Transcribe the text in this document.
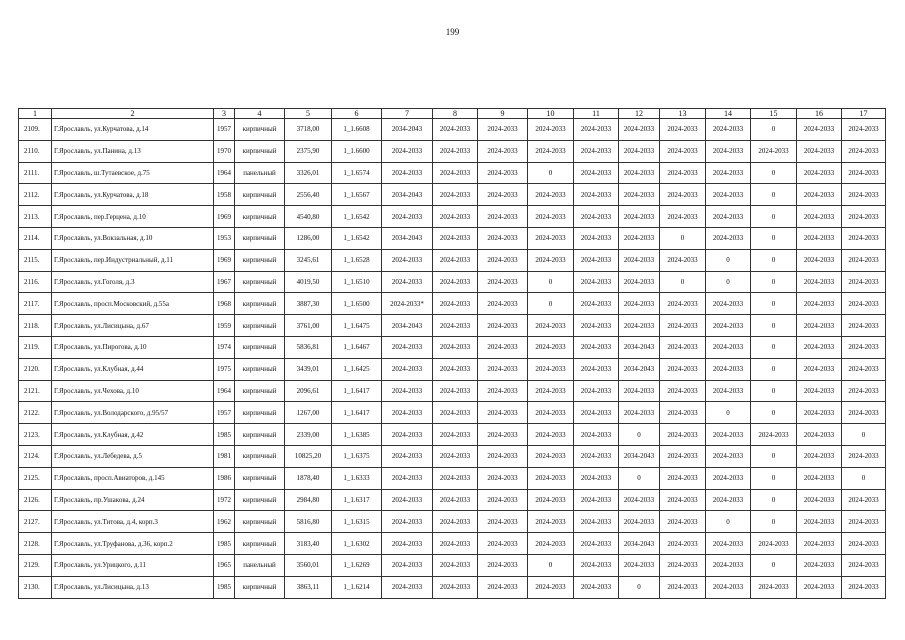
199
1	2	3	4	5	6	7	8	9	10	11	12	13	14	15	16	17
2109.	Г.Ярославль, ул.Курчатова, д.14	1957	кирпичный	3718,00	1_1.6608	2034-2043	2024-2033	2024-2033	2024-2033	2024-2033	2024-2033	2024-2033	2024-2033	0	2024-2033	2024-2033
2110.	Г.Ярославль, ул.Панина, д.13	1970	кирпичный	2375,90	1_1.6600	2024-2033	2024-2033	2024-2033	2024-2033	2024-2033	2024-2033	2024-2033	2024-2033	2024-2033	2024-2033	2024-2033
2111.	Г.Ярославль, ш.Тутаевское, д.75	1964	панельный	3326,01	1_1.6574	2024-2033	2024-2033	2024-2033	0	2024-2033	2024-2033	2024-2033	2024-2033	0	2024-2033	2024-2033
2112.	Г.Ярославль, ул.Курчатова, д.18	1958	кирпичный	2556,40	1_1.6567	2034-2043	2024-2033	2024-2033	2024-2033	2024-2033	2024-2033	2024-2033	2024-2033	0	2024-2033	2024-2033
2113.	Г.Ярославль, пер.Герцена, д.10	1969	кирпичный	4540,80	1_1.6542	2024-2033	2024-2033	2024-2033	2024-2033	2024-2033	2024-2033	2024-2033	2024-2033	0	2024-2033	2024-2033
2114.	Г.Ярославль, ул.Вокзальная, д.10	1953	кирпичный	1286,00	1_1.6542	2034-2043	2024-2033	2024-2033	2024-2033	2024-2033	2024-2033	0	2024-2033	0	2024-2033	2024-2033
2115.	Г.Ярославль, пер.Индустриальный, д.11	1969	кирпичный	3245,61	1_1.6528	2024-2033	2024-2033	2024-2033	2024-2033	2024-2033	2024-2033	2024-2033	0	0	2024-2033	2024-2033
2116.	Г.Ярославль, ул.Гоголя, д.3	1967	кирпичный	4019,50	1_1.6510	2024-2033	2024-2033	2024-2033	0	2024-2033	2024-2033	0	0	0	2024-2033	2024-2033
2117.	Г.Ярославль, просп.Московский, д.55а	1968	кирпичный	3887,30	1_1.6500	2024-2033*	2024-2033	2024-2033	0	2024-2033	2024-2033	2024-2033	2024-2033	0	2024-2033	2024-2033
2118.	Г.Ярославль, ул.Лисицына, д.67	1959	кирпичный	3761,00	1_1.6475	2034-2043	2024-2033	2024-2033	2024-2033	2024-2033	2024-2033	2024-2033	2024-2033	0	2024-2033	2024-2033
2119.	Г.Ярославль, ул.Пирогова, д.10	1974	кирпичный	5836,81	1_1.6467	2024-2033	2024-2033	2024-2033	2024-2033	2024-2033	2034-2043	2024-2033	2024-2033	0	2024-2033	2024-2033
2120.	Г.Ярославль, ул.Клубная, д.44	1975	кирпичный	3439,01	1_1.6425	2024-2033	2024-2033	2024-2033	2024-2033	2024-2033	2034-2043	2024-2033	2024-2033	0	2024-2033	2024-2033
2121.	Г.Ярославль, ул.Чехова, д.10	1964	кирпичный	2096,61	1_1.6417	2024-2033	2024-2033	2024-2033	2024-2033	2024-2033	2024-2033	2024-2033	2024-2033	0	2024-2033	2024-2033
2122.	Г.Ярославль, ул.Володарского, д.95/57	1957	кирпичный	1267,00	1_1.6417	2024-2033	2024-2033	2024-2033	2024-2033	2024-2033	2024-2033	2024-2033	0	0	2024-2033	2024-2033
2123.	Г.Ярославль, ул.Клубная, д.42	1985	кирпичный	2339,00	1_1.6385	2024-2033	2024-2033	2024-2033	2024-2033	2024-2033	0	2024-2033	2024-2033	2024-2033	2024-2033	0
2124.	Г.Ярославль, ул.Лебедева, д.5	1981	кирпичный	10825,20	1_1.6375	2024-2033	2024-2033	2024-2033	2024-2033	2024-2033	2034-2043	2024-2033	2024-2033	0	2024-2033	2024-2033
2125.	Г.Ярославль, просп.Авиаторов, д.145	1986	кирпичный	1878,40	1_1.6333	2024-2033	2024-2033	2024-2033	2024-2033	2024-2033	0	2024-2033	2024-2033	0	2024-2033	0
2126.	Г.Ярославль, пр.Ушакова, д.24	1972	кирпичный	2984,80	1_1.6317	2024-2033	2024-2033	2024-2033	2024-2033	2024-2033	2024-2033	2024-2033	2024-2033	0	2024-2033	2024-2033
2127.	Г.Ярославль, ул.Титова, д.4, корп.3	1962	кирпичный	5816,80	1_1.6315	2024-2033	2024-2033	2024-2033	2024-2033	2024-2033	2024-2033	2024-2033	0	0	2024-2033	2024-2033
2128.	Г.Ярославль, ул.Труфанова, д.36, корп.2	1985	кирпичный	3183,40	1_1.6302	2024-2033	2024-2033	2024-2033	2024-2033	2024-2033	2034-2043	2024-2033	2024-2033	2024-2033	2024-2033	2024-2033
2129.	Г.Ярославль, ул.Урицкого, д.11	1965	панельный	3560,01	1_1.6269	2024-2033	2024-2033	2024-2033	0	2024-2033	2024-2033	2024-2033	2024-2033	0	2024-2033	2024-2033
2130.	Г.Ярославль, ул.Лисицына, д.13	1985	кирпичный	3863,11	1_1.6214	2024-2033	2024-2033	2024-2033	2024-2033	2024-2033	0	2024-2033	2024-2033	2024-2033	2024-2033	2024-2033
